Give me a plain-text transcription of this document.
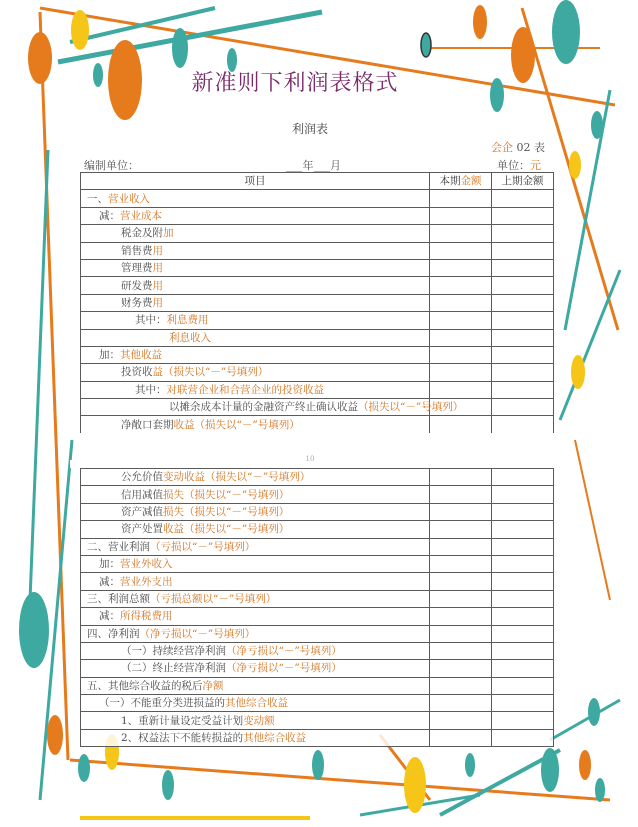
新准则下利润表格式
利润表
会企 02 表
编制单位：	___年___月	单位：元
项目	本期金额	上期金额
一、营业收入		
减：营业成本		
税金及附加		
销售费用		
管理费用		
研发费用		
财务费用		
其中：利息费用		
利息收入		
加：其他收益		
投资收益（损失以“－”号填列）		
其中：对联营企业和合营企业的投资收益		
以摊余成本计量的金融资产终止确认收益（损失以“－”号填列）		
净敞口套期收益（损失以“－”号填列）		
10
公允价值变动收益（损失以“－”号填列）		
信用减值损失（损失以“－”号填列）		
资产减值损失（损失以“－”号填列）		
资产处置收益（损失以“－”号填列）		
二、营业利润（亏损以“－”号填列）		
加：营业外收入		
减：营业外支出		
三、利润总额（亏损总额以“－”号填列）		
减：所得税费用		
四、净利润（净亏损以“－”号填列）		
（一）持续经营净利润（净亏损以“－”号填列）		
（二）终止经营净利润（净亏损以“－”号填列）		
五、其他综合收益的税后净额		
（一）不能重分类进损益的其他综合收益		
1、重新计量设定受益计划变动额		
2、权益法下不能转损益的其他综合收益		
